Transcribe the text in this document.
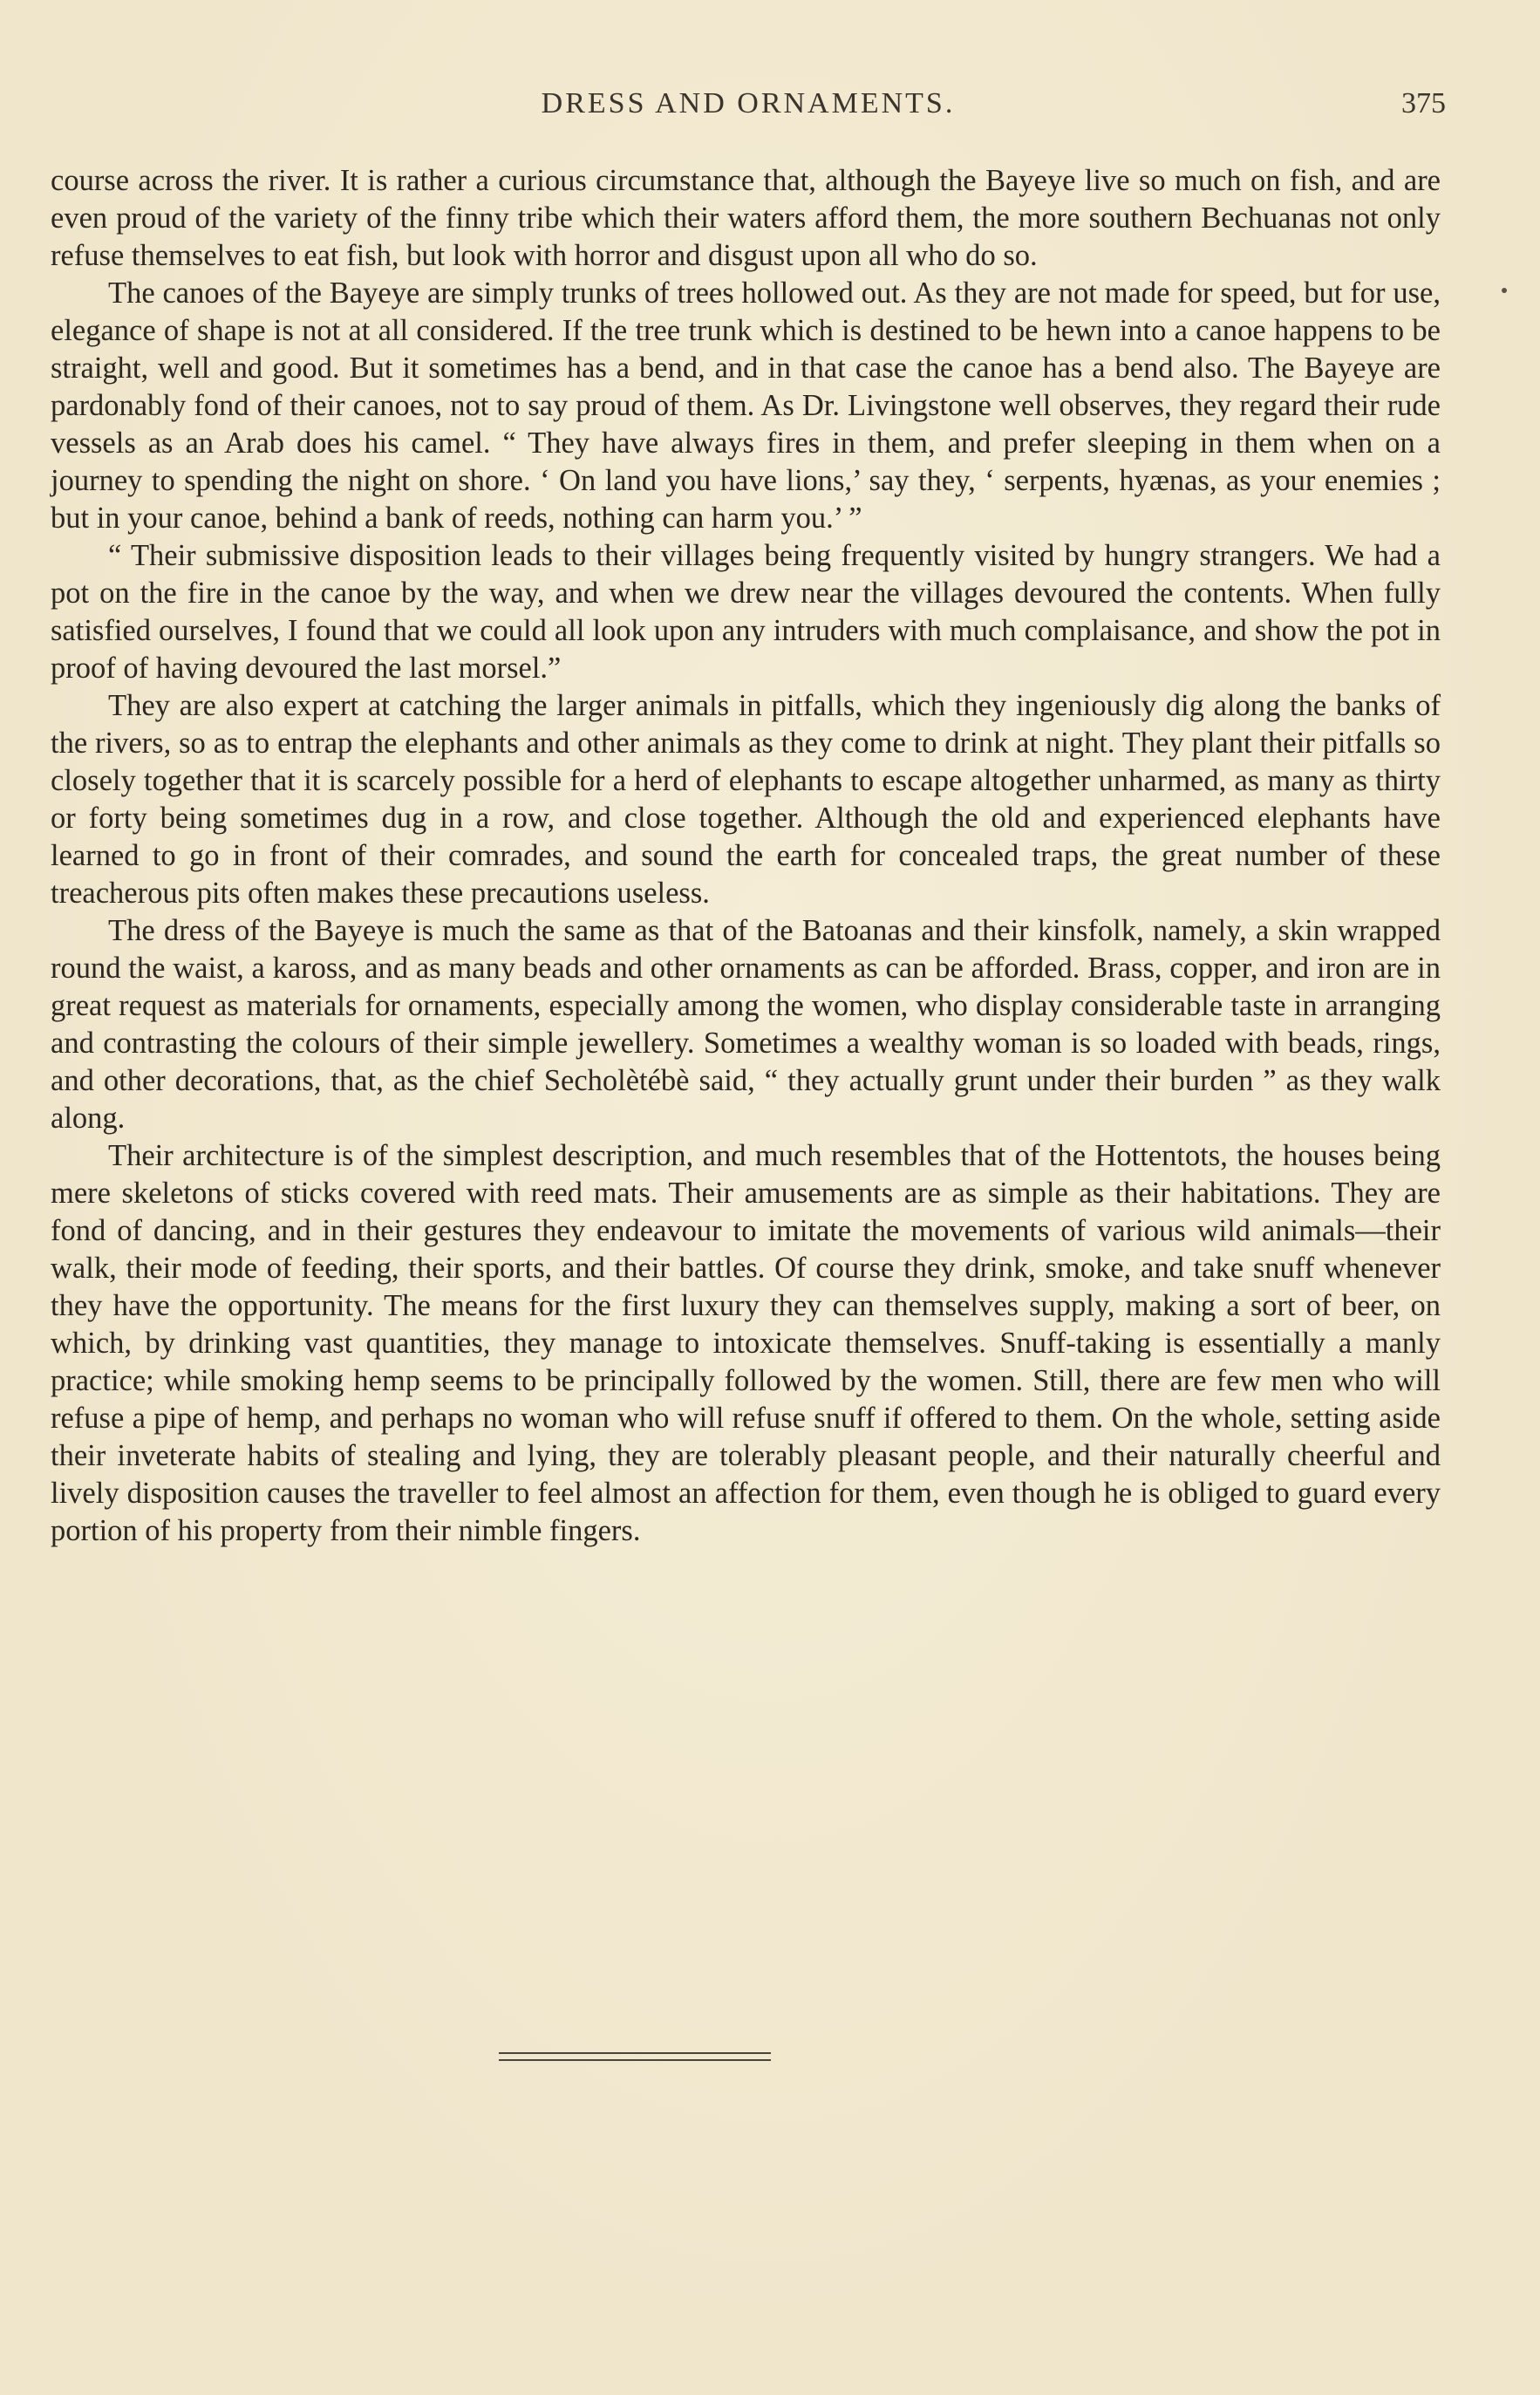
DRESS AND ORNAMENTS.	375

course across the river. It is rather a curious circumstance that, although the Bayeye live so much on fish, and are even proud of the variety of the finny tribe which their waters afford them, the more southern Bechuanas not only refuse themselves to eat fish, but look with horror and disgust upon all who do so.

The canoes of the Bayeye are simply trunks of trees hollowed out. As they are not made for speed, but for use, elegance of shape is not at all considered. If the tree trunk which is destined to be hewn into a canoe happens to be straight, well and good. But it sometimes has a bend, and in that case the canoe has a bend also. The Bayeye are pardonably fond of their canoes, not to say proud of them. As Dr. Livingstone well observes, they regard their rude vessels as an Arab does his camel. “ They have always fires in them, and prefer sleeping in them when on a journey to spending the night on shore. ‘ On land you have lions,’ say they, ‘ serpents, hyænas, as your enemies ; but in your canoe, behind a bank of reeds, nothing can harm you.’ ”

“ Their submissive disposition leads to their villages being frequently visited by hungry strangers. We had a pot on the fire in the canoe by the way, and when we drew near the villages devoured the contents. When fully satisfied ourselves, I found that we could all look upon any intruders with much complaisance, and show the pot in proof of having devoured the last morsel.”

They are also expert at catching the larger animals in pitfalls, which they ingeniously dig along the banks of the rivers, so as to entrap the elephants and other animals as they come to drink at night. They plant their pitfalls so closely together that it is scarcely possible for a herd of elephants to escape altogether unharmed, as many as thirty or forty being sometimes dug in a row, and close together. Although the old and experienced elephants have learned to go in front of their comrades, and sound the earth for concealed traps, the great number of these treacherous pits often makes these precautions useless.

The dress of the Bayeye is much the same as that of the Batoanas and their kinsfolk, namely, a skin wrapped round the waist, a kaross, and as many beads and other ornaments as can be afforded. Brass, copper, and iron are in great request as materials for ornaments, especially among the women, who display considerable taste in arranging and contrasting the colours of their simple jewellery. Sometimes a wealthy woman is so loaded with beads, rings, and other decorations, that, as the chief Secholètébè said, “ they actually grunt under their burden ” as they walk along.

Their architecture is of the simplest description, and much resembles that of the Hottentots, the houses being mere skeletons of sticks covered with reed mats. Their amusements are as simple as their habitations. They are fond of dancing, and in their gestures they endeavour to imitate the movements of various wild animals—their walk, their mode of feeding, their sports, and their battles. Of course they drink, smoke, and take snuff whenever they have the opportunity. The means for the first luxury they can themselves supply, making a sort of beer, on which, by drinking vast quantities, they manage to intoxicate themselves. Snuff-taking is essentially a manly practice; while smoking hemp seems to be principally followed by the women. Still, there are few men who will refuse a pipe of hemp, and perhaps no woman who will refuse snuff if offered to them. On the whole, setting aside their inveterate habits of stealing and lying, they are tolerably pleasant people, and their naturally cheerful and lively disposition causes the traveller to feel almost an affection for them, even though he is obliged to guard every portion of his property from their nimble fingers.
